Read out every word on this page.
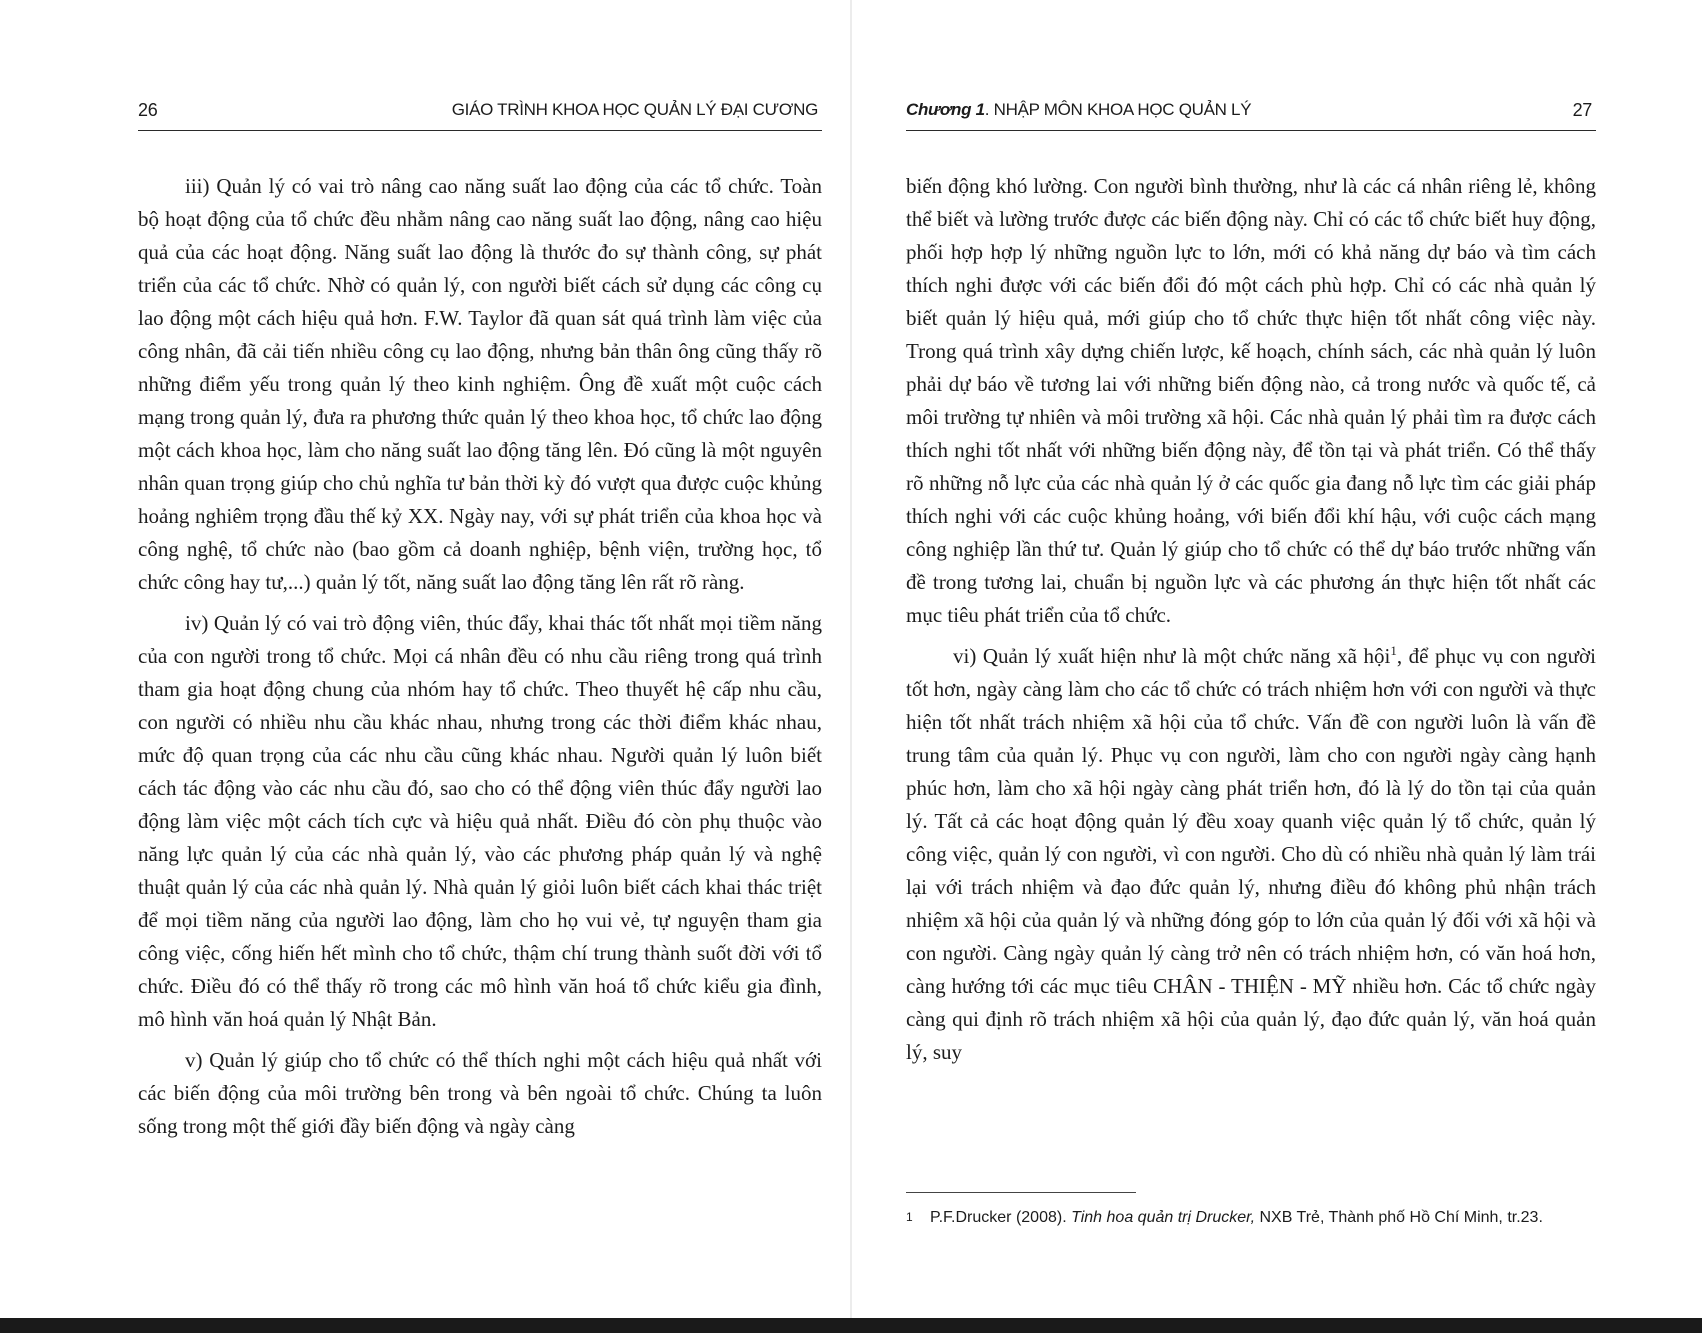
26	GIÁO TRÌNH KHOA HỌC QUẢN LÝ ĐẠI CƯƠNG

iii) Quản lý có vai trò nâng cao năng suất lao động của các tổ chức. Toàn bộ hoạt động của tổ chức đều nhằm nâng cao năng suất lao động, nâng cao hiệu quả của các hoạt động. Năng suất lao động là thước đo sự thành công, sự phát triển của các tổ chức. Nhờ có quản lý, con người biết cách sử dụng các công cụ lao động một cách hiệu quả hơn. F.W. Taylor đã quan sát quá trình làm việc của công nhân, đã cải tiến nhiều công cụ lao động, nhưng bản thân ông cũng thấy rõ những điểm yếu trong quản lý theo kinh nghiệm. Ông đề xuất một cuộc cách mạng trong quản lý, đưa ra phương thức quản lý theo khoa học, tổ chức lao động một cách khoa học, làm cho năng suất lao động tăng lên. Đó cũng là một nguyên nhân quan trọng giúp cho chủ nghĩa tư bản thời kỳ đó vượt qua được cuộc khủng hoảng nghiêm trọng đầu thế kỷ XX. Ngày nay, với sự phát triển của khoa học và công nghệ, tổ chức nào (bao gồm cả doanh nghiệp, bệnh viện, trường học, tổ chức công hay tư,...) quản lý tốt, năng suất lao động tăng lên rất rõ ràng.

iv) Quản lý có vai trò động viên, thúc đẩy, khai thác tốt nhất mọi tiềm năng của con người trong tổ chức. Mọi cá nhân đều có nhu cầu riêng trong quá trình tham gia hoạt động chung của nhóm hay tổ chức. Theo thuyết hệ cấp nhu cầu, con người có nhiều nhu cầu khác nhau, nhưng trong các thời điểm khác nhau, mức độ quan trọng của các nhu cầu cũng khác nhau. Người quản lý luôn biết cách tác động vào các nhu cầu đó, sao cho có thể động viên thúc đẩy người lao động làm việc một cách tích cực và hiệu quả nhất. Điều đó còn phụ thuộc vào năng lực quản lý của các nhà quản lý, vào các phương pháp quản lý và nghệ thuật quản lý của các nhà quản lý. Nhà quản lý giỏi luôn biết cách khai thác triệt để mọi tiềm năng của người lao động, làm cho họ vui vẻ, tự nguyện tham gia công việc, cống hiến hết mình cho tổ chức, thậm chí trung thành suốt đời với tổ chức. Điều đó có thể thấy rõ trong các mô hình văn hoá tổ chức kiểu gia đình, mô hình văn hoá quản lý Nhật Bản.

v) Quản lý giúp cho tổ chức có thể thích nghi một cách hiệu quả nhất với các biến động của môi trường bên trong và bên ngoài tổ chức. Chúng ta luôn sống trong một thế giới đầy biến động và ngày càng

Chương 1. NHẬP MÔN KHOA HỌC QUẢN LÝ	27

biến động khó lường. Con người bình thường, như là các cá nhân riêng lẻ, không thể biết và lường trước được các biến động này. Chỉ có các tổ chức biết huy động, phối hợp hợp lý những nguồn lực to lớn, mới có khả năng dự báo và tìm cách thích nghi được với các biến đổi đó một cách phù hợp. Chỉ có các nhà quản lý biết quản lý hiệu quả, mới giúp cho tổ chức thực hiện tốt nhất công việc này. Trong quá trình xây dựng chiến lược, kế hoạch, chính sách, các nhà quản lý luôn phải dự báo về tương lai với những biến động nào, cả trong nước và quốc tế, cả môi trường tự nhiên và môi trường xã hội. Các nhà quản lý phải tìm ra được cách thích nghi tốt nhất với những biến động này, để tồn tại và phát triển. Có thể thấy rõ những nỗ lực của các nhà quản lý ở các quốc gia đang nỗ lực tìm các giải pháp thích nghi với các cuộc khủng hoảng, với biến đổi khí hậu, với cuộc cách mạng công nghiệp lần thứ tư. Quản lý giúp cho tổ chức có thể dự báo trước những vấn đề trong tương lai, chuẩn bị nguồn lực và các phương án thực hiện tốt nhất các mục tiêu phát triển của tổ chức.

vi) Quản lý xuất hiện như là một chức năng xã hội$^1$, để phục vụ con người tốt hơn, ngày càng làm cho các tổ chức có trách nhiệm hơn với con người và thực hiện tốt nhất trách nhiệm xã hội của tổ chức. Vấn đề con người luôn là vấn đề trung tâm của quản lý. Phục vụ con người, làm cho con người ngày càng hạnh phúc hơn, làm cho xã hội ngày càng phát triển hơn, đó là lý do tồn tại của quản lý. Tất cả các hoạt động quản lý đều xoay quanh việc quản lý tổ chức, quản lý công việc, quản lý con người, vì con người. Cho dù có nhiều nhà quản lý làm trái lại với trách nhiệm và đạo đức quản lý, nhưng điều đó không phủ nhận trách nhiệm xã hội của quản lý và những đóng góp to lớn của quản lý đối với xã hội và con người. Càng ngày quản lý càng trở nên có trách nhiệm hơn, có văn hoá hơn, càng hướng tới các mục tiêu CHÂN - THIỆN - MỸ nhiều hơn. Các tổ chức ngày càng qui định rõ trách nhiệm xã hội của quản lý, đạo đức quản lý, văn hoá quản lý, suy

1 P.F.Drucker (2008). Tinh hoa quản trị Drucker, NXB Trẻ, Thành phố Hồ Chí Minh, tr.23.
